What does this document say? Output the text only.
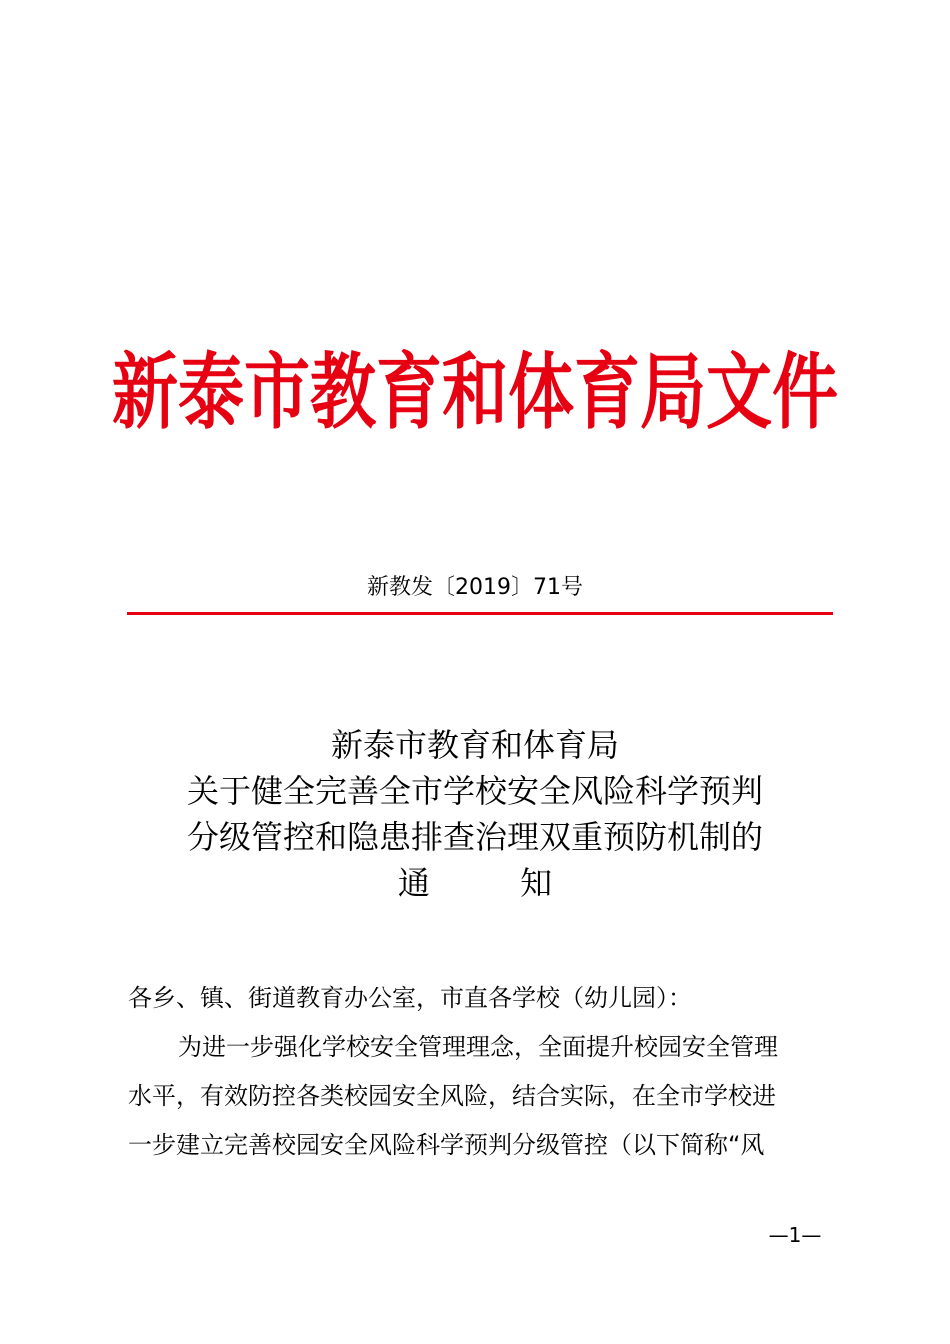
新泰市教育和体育局文件
新教发〔2019〕71号
新泰市教育和体育局
关于健全完善全市学校安全风险科学预判
分级管控和隐患排查治理双重预防机制的
通 知
各乡、镇、街道教育办公室，市直各学校（幼儿园）：
为进一步强化学校安全管理理念，全面提升校园安全管理
水平，有效防控各类校园安全风险，结合实际，在全市学校进
一步建立完善校园安全风险科学预判分级管控（以下简称“风
—1—
